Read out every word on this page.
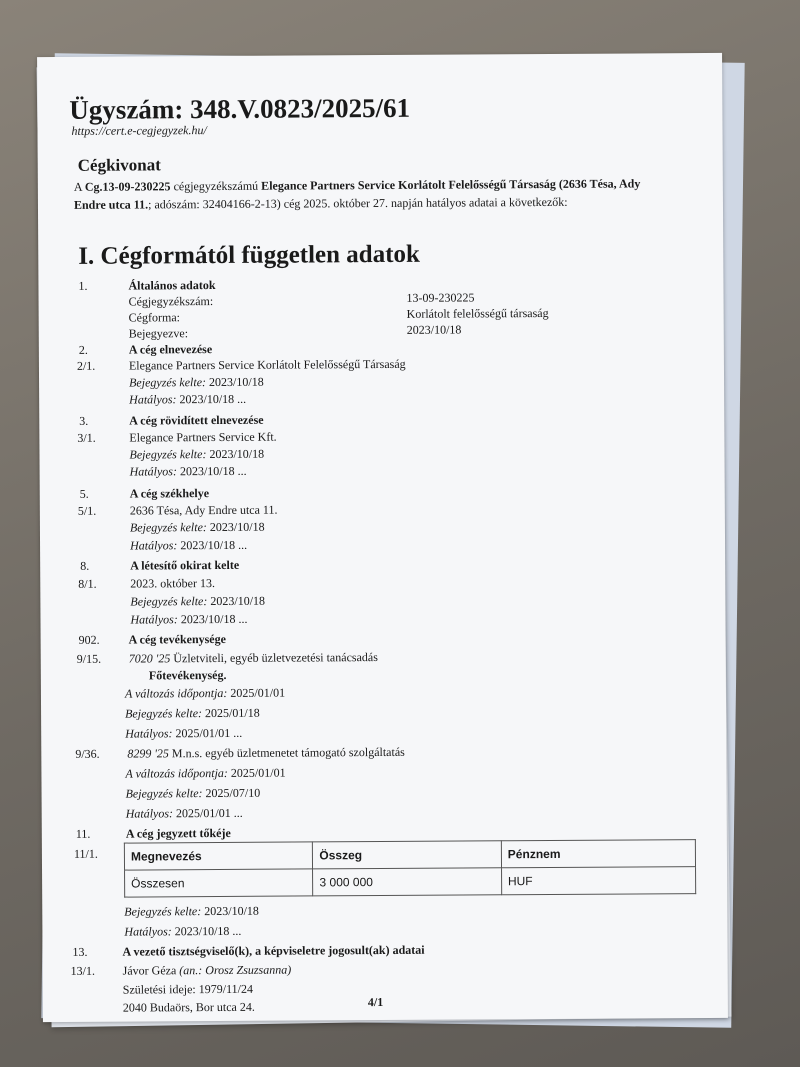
Ügyszám: 348.V.0823/2025/61
https://cert.e-cegjegyzek.hu/
Cégkivonat
A Cg.13-09-230225 cégjegyzékszámú Elegance Partners Service Korlátolt Felelősségű Társaság (2636 Tésa, Ady Endre utca 11.; adószám: 32404166-2-13) cég 2025. október 27. napján hatályos adatai a következők:
I. Cégformától független adatok
1.	Általános adatok
Cégjegyzékszám:	13-09-230225
Cégforma:	Korlátolt felelősségű társaság
Bejegyezve:	2023/10/18
2.	A cég elnevezése
2/1.	Elegance Partners Service Korlátolt Felelősségű Társaság
Bejegyzés kelte: 2023/10/18
Hatályos: 2023/10/18 ...
3.	A cég rövidített elnevezése
3/1.	Elegance Partners Service Kft.
Bejegyzés kelte: 2023/10/18
Hatályos: 2023/10/18 ...
5.	A cég székhelye
5/1.	2636 Tésa, Ady Endre utca 11.
Bejegyzés kelte: 2023/10/18
Hatályos: 2023/10/18 ...
8.	A létesítő okirat kelte
8/1.	2023. október 13.
Bejegyzés kelte: 2023/10/18
Hatályos: 2023/10/18 ...
902. A cég tevékenysége
9/15. 7020 '25 Üzletviteli, egyéb üzletvezetési tanácsadás
Főtevékenység.
A változás időpontja: 2025/01/01
Bejegyzés kelte: 2025/01/18
Hatályos: 2025/01/01 ...
9/36. 8299 '25 M.n.s. egyéb üzletmenetet támogató szolgáltatás
A változás időpontja: 2025/01/01
Bejegyzés kelte: 2025/07/10
Hatályos: 2025/01/01 ...
11.	A cég jegyzett tőkéje
11/1.	Megnevezés	Összeg	Pénznem
Összesen	3 000 000	HUF
Bejegyzés kelte: 2023/10/18
Hatályos: 2023/10/18 ...
13.	A vezető tisztségviselő(k), a képviseletre jogosult(ak) adatai
13/1. Jávor Géza (an.: Orosz Zsuzsanna)
Születési ideje: 1979/11/24
2040 Budaörs, Bor utca 24.	4/1
